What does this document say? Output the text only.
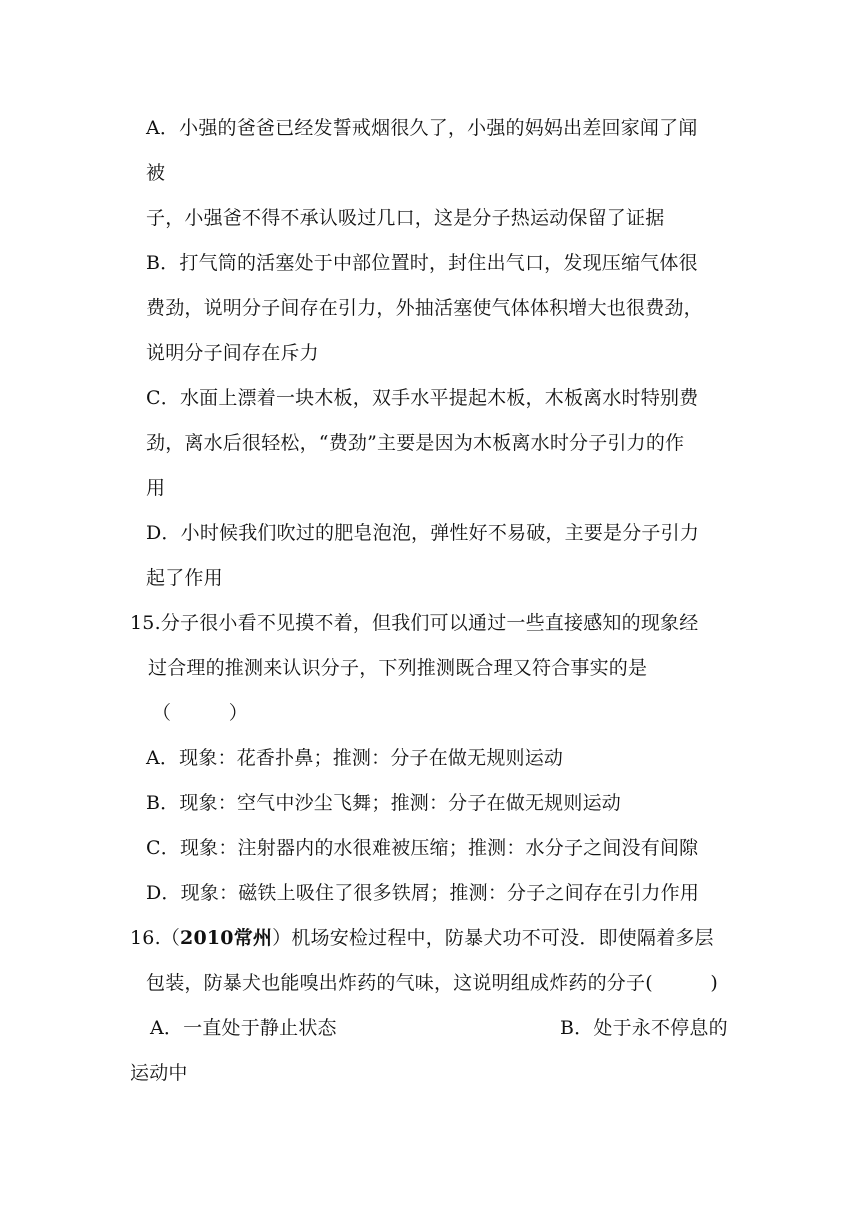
A．小强的爸爸已经发誓戒烟很久了，小强的妈妈出差回家闻了闻
被
子，小强爸不得不承认吸过几口，这是分子热运动保留了证据
B．打气筒的活塞处于中部位置时，封住出气口，发现压缩气体很
费劲，说明分子间存在引力，外抽活塞使气体体积增大也很费劲，
说明分子间存在斥力
C．水面上漂着一块木板，双手水平提起木板，木板离水时特别费
劲，离水后很轻松，“费劲”主要是因为木板离水时分子引力的作
用
D．小时候我们吹过的肥皂泡泡，弹性好不易破，主要是分子引力
起了作用
15.分子很小看不见摸不着，但我们可以通过一些直接感知的现象经
过合理的推测来认识分子，下列推测既合理又符合事实的是
（　　　）
A．现象：花香扑鼻；推测：分子在做无规则运动
B．现象：空气中沙尘飞舞；推测：分子在做无规则运动
C．现象：注射器内的水很难被压缩；推测：水分子之间没有间隙
D．现象：磁铁上吸住了很多铁屑；推测：分子之间存在引力作用
16.（2010常州）机场安检过程中，防暴犬功不可没．即使隔着多层
包装，防暴犬也能嗅出炸药的气味，这说明组成炸药的分子(　　　)
A．一直处于静止状态	B．处于永不停息的
运动中
